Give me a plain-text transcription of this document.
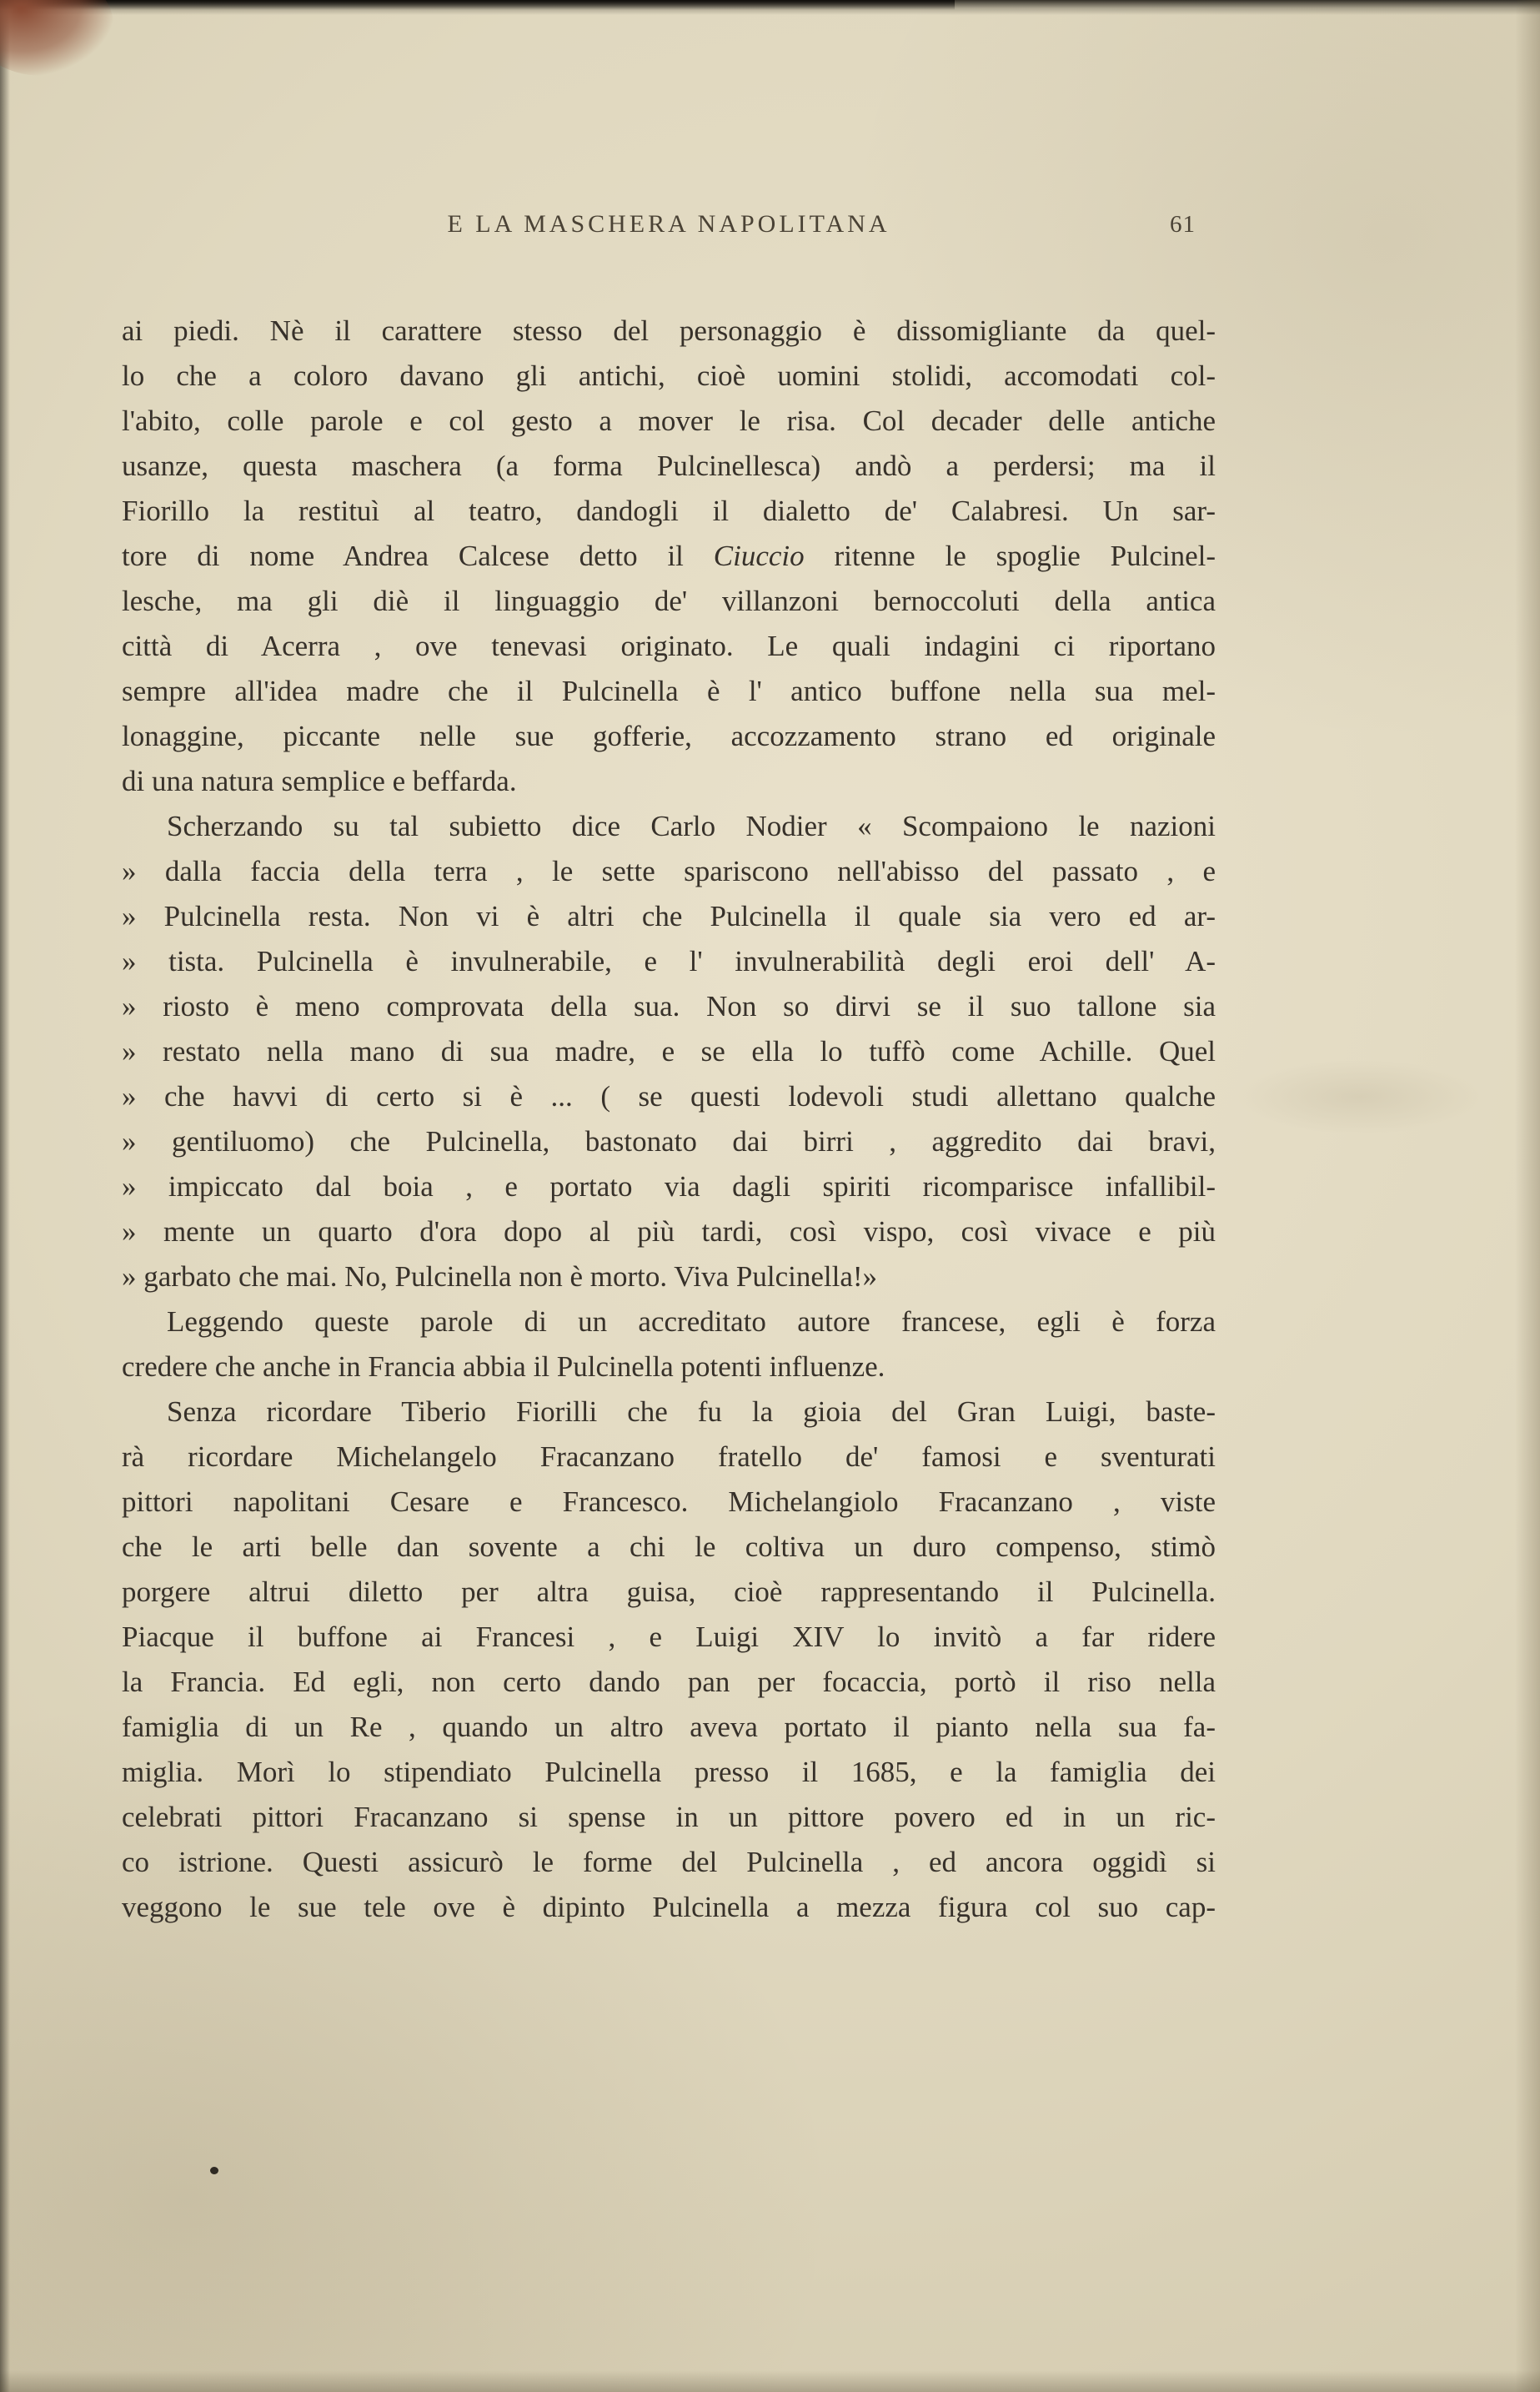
E LA MASCHERA NAPOLITANA	61
ai piedi. Nè il carattere stesso del personaggio è dissomigliante da quel-
lo che a coloro davano gli antichi, cioè uomini stolidi, accomodati col-
l'abito, colle parole e col gesto a mover le risa. Col decader delle antiche
usanze, questa maschera (a forma Pulcinellesca) andò a perdersi; ma il
Fiorillo la restituì al teatro, dandogli il dialetto de' Calabresi. Un sar-
tore di nome Andrea Calcese detto il Ciuccio ritenne le spoglie Pulcinel-
lesche, ma gli diè il linguaggio de' villanzoni bernoccoluti della antica
città di Acerra , ove tenevasi originato. Le quali indagini ci riportano
sempre all'idea madre che il Pulcinella è l' antico buffone nella sua mel-
lonaggine, piccante nelle sue gofferie, accozzamento strano ed originale
di una natura semplice e beffarda.
Scherzando su tal subietto dice Carlo Nodier « Scompaiono le nazioni
» dalla faccia della terra , le sette spariscono nell'abisso del passato , e
» Pulcinella resta. Non vi è altri che Pulcinella il quale sia vero ed ar-
» tista. Pulcinella è invulnerabile, e l' invulnerabilità degli eroi dell' A-
» riosto è meno comprovata della sua. Non so dirvi se il suo tallone sia
» restato nella mano di sua madre, e se ella lo tuffò come Achille. Quel
» che havvi di certo si è ... ( se questi lodevoli studi allettano qualche
» gentiluomo) che Pulcinella, bastonato dai birri , aggredito dai bravi,
» impiccato dal boia , e portato via dagli spiriti ricomparisce infallibil-
» mente un quarto d'ora dopo al più tardi, così vispo, così vivace e più
» garbato che mai. No, Pulcinella non è morto. Viva Pulcinella!»
Leggendo queste parole di un accreditato autore francese, egli è forza
credere che anche in Francia abbia il Pulcinella potenti influenze.
Senza ricordare Tiberio Fiorilli che fu la gioia del Gran Luigi, baste-
rà ricordare Michelangelo Fracanzano fratello de' famosi e sventurati
pittori napolitani Cesare e Francesco. Michelangiolo Fracanzano , viste
che le arti belle dan sovente a chi le coltiva un duro compenso, stimò
porgere altrui diletto per altra guisa, cioè rappresentando il Pulcinella.
Piacque il buffone ai Francesi , e Luigi XIV lo invitò a far ridere
la Francia. Ed egli, non certo dando pan per focaccia, portò il riso nella
famiglia di un Re , quando un altro aveva portato il pianto nella sua fa-
miglia. Morì lo stipendiato Pulcinella presso il 1685, e la famiglia dei
celebrati pittori Fracanzano si spense in un pittore povero ed in un ric-
co istrione. Questi assicurò le forme del Pulcinella , ed ancora oggidì si
veggono le sue tele ove è dipinto Pulcinella a mezza figura col suo cap-
